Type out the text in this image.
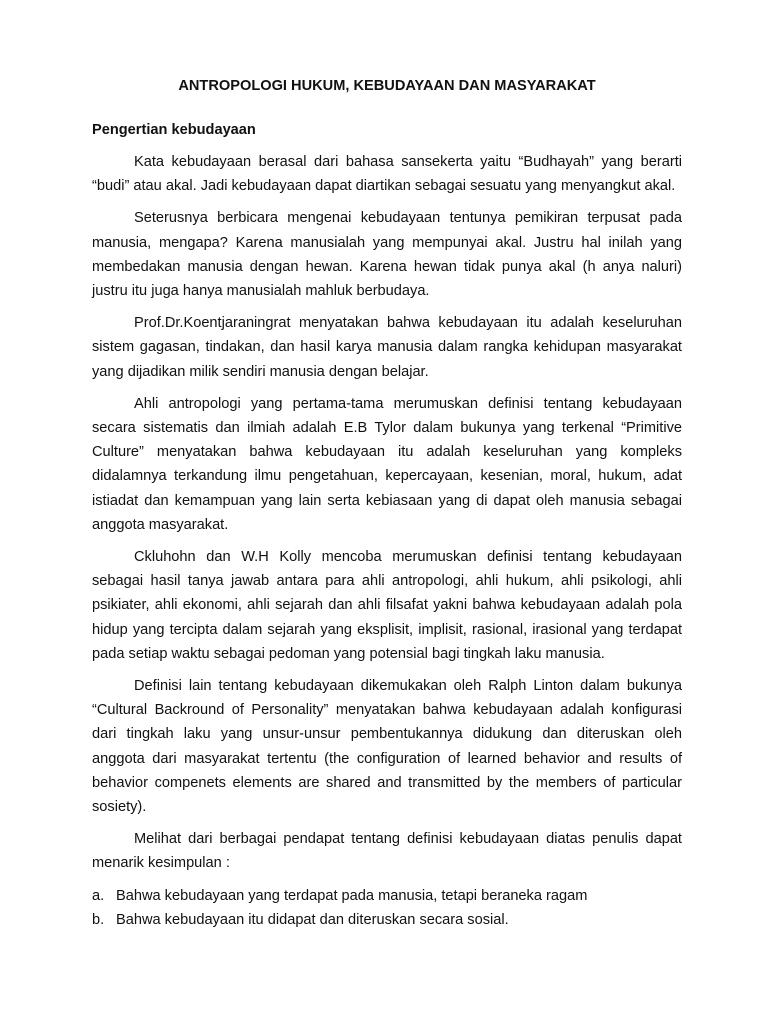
ANTROPOLOGI HUKUM, KEBUDAYAAN DAN MASYARAKAT
Pengertian kebudayaan

Kata kebudayaan berasal dari bahasa sansekerta yaitu “Budhayah” yang berarti “budi” atau akal. Jadi kebudayaan dapat diartikan sebagai sesuatu yang menyangkut akal.

Seterusnya berbicara mengenai kebudayaan tentunya pemikiran terpusat pada manusia, mengapa? Karena manusialah yang mempunyai akal. Justru hal inilah yang membedakan manusia dengan hewan. Karena hewan tidak punya akal (h anya naluri) justru itu juga hanya manusialah mahluk berbudaya.

Prof.Dr.Koentjaraningrat menyatakan bahwa kebudayaan itu adalah keseluruhan sistem gagasan, tindakan, dan hasil karya manusia dalam rangka kehidupan masyarakat yang dijadikan milik sendiri manusia dengan belajar.

Ahli antropologi yang pertama-tama merumuskan definisi tentang kebudayaan secara sistematis dan ilmiah adalah E.B Tylor dalam bukunya yang terkenal “Primitive Culture” menyatakan bahwa kebudayaan itu adalah keseluruhan yang kompleks didalamnya terkandung ilmu pengetahuan, kepercayaan, kesenian, moral, hukum, adat istiadat dan kemampuan yang lain serta kebiasaan yang di dapat oleh manusia sebagai anggota masyarakat.

Ckluhohn dan W.H Kolly mencoba merumuskan definisi tentang kebudayaan sebagai hasil tanya jawab antara para ahli antropologi, ahli hukum, ahli psikologi, ahli psikiater, ahli ekonomi, ahli sejarah dan ahli filsafat yakni bahwa kebudayaan adalah pola hidup yang tercipta dalam sejarah yang eksplisit, implisit, rasional, irasional yang terdapat pada setiap waktu sebagai pedoman yang potensial bagi tingkah laku manusia.

Definisi lain tentang kebudayaan dikemukakan oleh Ralph Linton dalam bukunya “Cultural Backround of Personality” menyatakan bahwa kebudayaan adalah konfigurasi dari tingkah laku yang unsur-unsur pembentukannya didukung dan diteruskan oleh anggota dari masyarakat tertentu (the configuration of learned behavior and results of behavior compenets elements are shared and transmitted by the members of particular sosiety).

Melihat dari berbagai pendapat tentang definisi kebudayaan diatas penulis dapat menarik kesimpulan :

a. Bahwa kebudayaan yang terdapat pada manusia, tetapi beraneka ragam
b. Bahwa kebudayaan itu didapat dan diteruskan secara sosial.
